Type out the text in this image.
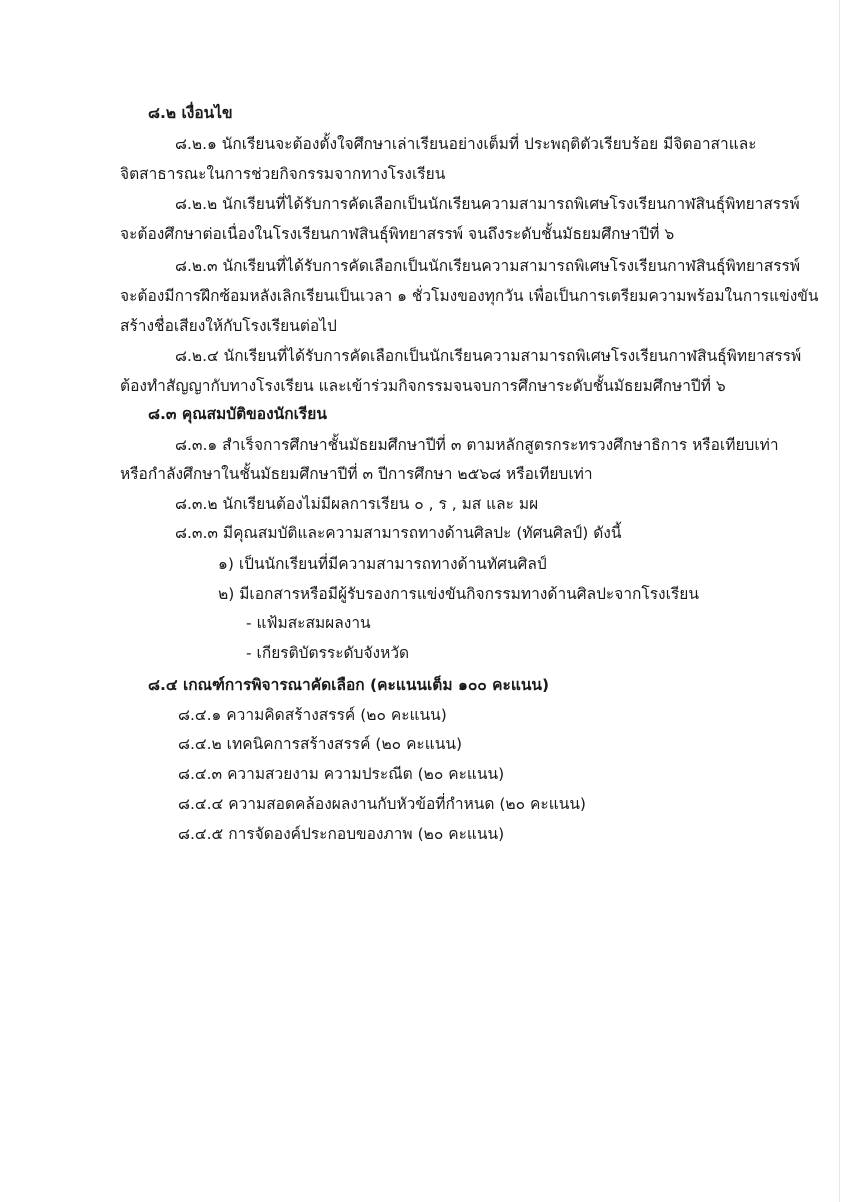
๘.๒ เงื่อนไข
๘.๒.๑ นักเรียนจะต้องตั้งใจศึกษาเล่าเรียนอย่างเต็มที่ ประพฤติตัวเรียบร้อย มีจิตอาสาและ
จิตสาธารณะในการช่วยกิจกรรมจากทางโรงเรียน
๘.๒.๒ นักเรียนที่ได้รับการคัดเลือกเป็นนักเรียนความสามารถพิเศษโรงเรียนกาฬสินธุ์พิทยาสรรพ์
จะต้องศึกษาต่อเนื่องในโรงเรียนกาฬสินธุ์พิทยาสรรพ์ จนถึงระดับชั้นมัธยมศึกษาปีที่ ๖
๘.๒.๓ นักเรียนที่ได้รับการคัดเลือกเป็นนักเรียนความสามารถพิเศษโรงเรียนกาฬสินธุ์พิทยาสรรพ์
จะต้องมีการฝึกซ้อมหลังเลิกเรียนเป็นเวลา ๑ ชั่วโมงของทุกวัน เพื่อเป็นการเตรียมความพร้อมในการแข่งขัน
สร้างชื่อเสียงให้กับโรงเรียนต่อไป
๘.๒.๔ นักเรียนที่ได้รับการคัดเลือกเป็นนักเรียนความสามารถพิเศษโรงเรียนกาฬสินธุ์พิทยาสรรพ์
ต้องทำสัญญากับทางโรงเรียน และเข้าร่วมกิจกรรมจนจบการศึกษาระดับชั้นมัธยมศึกษาปีที่ ๖
๘.๓ คุณสมบัติของนักเรียน
๘.๓.๑ สำเร็จการศึกษาชั้นมัธยมศึกษาปีที่ ๓ ตามหลักสูตรกระทรวงศึกษาธิการ หรือเทียบเท่า
หรือกำลังศึกษาในชั้นมัธยมศึกษาปีที่ ๓ ปีการศึกษา ๒๕๖๘ หรือเทียบเท่า
๘.๓.๒ นักเรียนต้องไม่มีผลการเรียน ๐ , ร , มส และ มผ
๘.๓.๓ มีคุณสมบัติและความสามารถทางด้านศิลปะ (ทัศนศิลป์) ดังนี้
๑) เป็นนักเรียนที่มีความสามารถทางด้านทัศนศิลป์
๒) มีเอกสารหรือมีผู้รับรองการแข่งขันกิจกรรมทางด้านศิลปะจากโรงเรียน
- แฟ้มสะสมผลงาน
- เกียรติบัตรระดับจังหวัด
๘.๔ เกณฑ์การพิจารณาคัดเลือก (คะแนนเต็ม ๑๐๐ คะแนน)
๘.๔.๑ ความคิดสร้างสรรค์ (๒๐ คะแนน)
๘.๔.๒ เทคนิคการสร้างสรรค์ (๒๐ คะแนน)
๘.๔.๓ ความสวยงาม ความประณีต (๒๐ คะแนน)
๘.๔.๔ ความสอดคล้องผลงานกับหัวข้อที่กำหนด (๒๐ คะแนน)
๘.๔.๕ การจัดองค์ประกอบของภาพ (๒๐ คะแนน)
